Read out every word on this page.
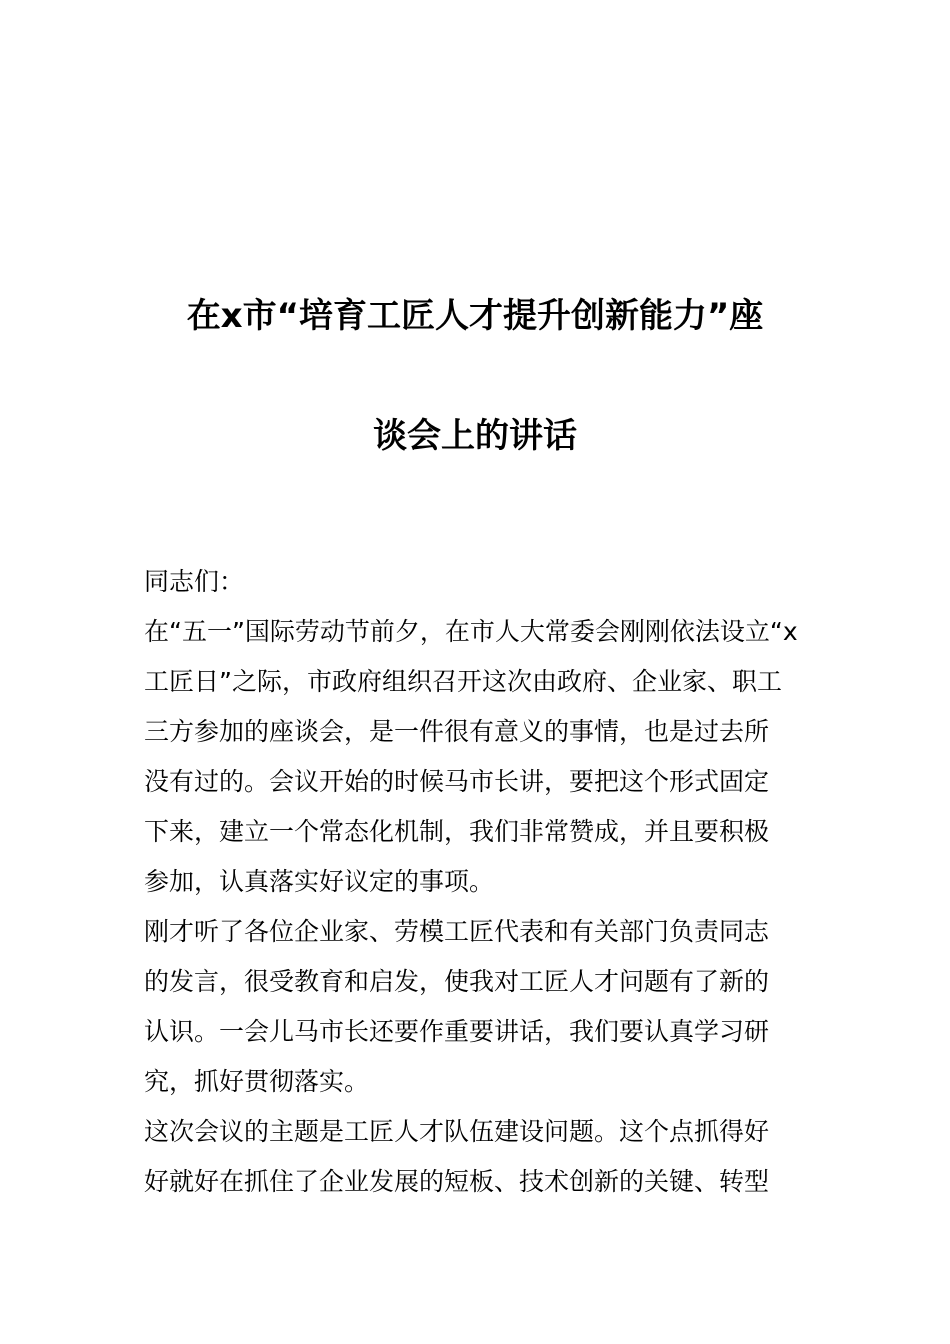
在x市“培育工匠人才提升创新能力”座
谈会上的讲话

同志们：

在“五一”国际劳动节前夕，在市人大常委会刚刚依法设立“x

工匠日”之际，市政府组织召开这次由政府、企业家、职工

三方参加的座谈会，是一件很有意义的事情，也是过去所

没有过的。会议开始的时候马市长讲，要把这个形式固定

下来，建立一个常态化机制，我们非常赞成，并且要积极

参加，认真落实好议定的事项。

刚才听了各位企业家、劳模工匠代表和有关部门负责同志

的发言，很受教育和启发，使我对工匠人才问题有了新的

认识。一会儿马市长还要作重要讲话，我们要认真学习研

究，抓好贯彻落实。

这次会议的主题是工匠人才队伍建设问题。这个点抓得好

好就好在抓住了企业发展的短板、技术创新的关键、转型
